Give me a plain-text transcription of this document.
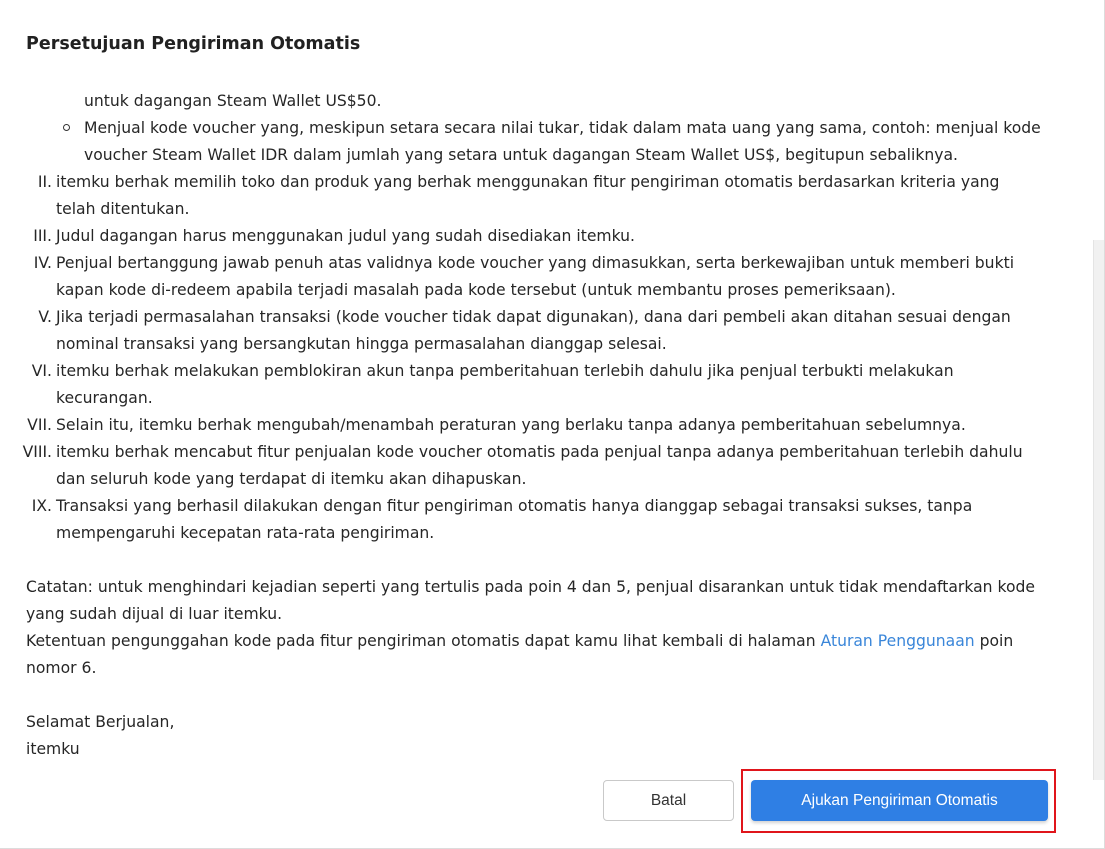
Persetujuan Pengiriman Otomatis
untuk dagangan Steam Wallet US$50.
Menjual kode voucher yang, meskipun setara secara nilai tukar, tidak dalam mata uang yang sama, contoh: menjual kode
voucher Steam Wallet IDR dalam jumlah yang setara untuk dagangan Steam Wallet US$, begitupun sebaliknya.
II. itemku berhak memilih toko dan produk yang berhak menggunakan fitur pengiriman otomatis berdasarkan kriteria yang
telah ditentukan.
III. Judul dagangan harus menggunakan judul yang sudah disediakan itemku.
IV. Penjual bertanggung jawab penuh atas validnya kode voucher yang dimasukkan, serta berkewajiban untuk memberi bukti
kapan kode di-redeem apabila terjadi masalah pada kode tersebut (untuk membantu proses pemeriksaan).
V. Jika terjadi permasalahan transaksi (kode voucher tidak dapat digunakan), dana dari pembeli akan ditahan sesuai dengan
nominal transaksi yang bersangkutan hingga permasalahan dianggap selesai.
VI. itemku berhak melakukan pemblokiran akun tanpa pemberitahuan terlebih dahulu jika penjual terbukti melakukan
kecurangan.
VII. Selain itu, itemku berhak mengubah/menambah peraturan yang berlaku tanpa adanya pemberitahuan sebelumnya.
VIII. itemku berhak mencabut fitur penjualan kode voucher otomatis pada penjual tanpa adanya pemberitahuan terlebih dahulu
dan seluruh kode yang terdapat di itemku akan dihapuskan.
IX. Transaksi yang berhasil dilakukan dengan fitur pengiriman otomatis hanya dianggap sebagai transaksi sukses, tanpa
mempengaruhi kecepatan rata-rata pengiriman.
Catatan: untuk menghindari kejadian seperti yang tertulis pada poin 4 dan 5, penjual disarankan untuk tidak mendaftarkan kode
yang sudah dijual di luar itemku.
Ketentuan pengunggahan kode pada fitur pengiriman otomatis dapat kamu lihat kembali di halaman Aturan Penggunaan poin
nomor 6.
Selamat Berjualan,
itemku
Batal	Ajukan Pengiriman Otomatis
